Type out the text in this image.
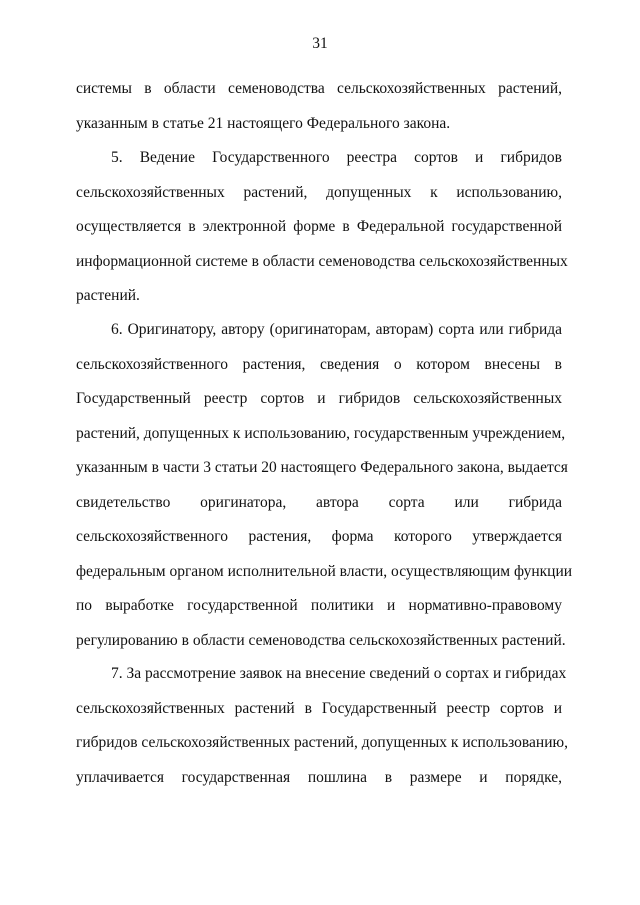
31
системы в области семеноводства сельскохозяйственных растений,
указанным в статье 21 настоящего Федерального закона.
5. Ведение Государственного реестра сортов и гибридов
сельскохозяйственных растений, допущенных к использованию,
осуществляется в электронной форме в Федеральной государственной
информационной системе в области семеноводства сельскохозяйственных
растений.
6. Оригинатору, автору (оригинаторам, авторам) сорта или гибрида
сельскохозяйственного растения, сведения о котором внесены в
Государственный реестр сортов и гибридов сельскохозяйственных
растений, допущенных к использованию, государственным учреждением,
указанным в части 3 статьи 20 настоящего Федерального закона, выдается
свидетельство оригинатора, автора сорта или гибрида
сельскохозяйственного растения, форма которого утверждается
федеральным органом исполнительной власти, осуществляющим функции
по выработке государственной политики и нормативно-правовому
регулированию в области семеноводства сельскохозяйственных растений.
7. За рассмотрение заявок на внесение сведений о сортах и гибридах
сельскохозяйственных растений в Государственный реестр сортов и
гибридов сельскохозяйственных растений, допущенных к использованию,
уплачивается государственная пошлина в размере и порядке,
